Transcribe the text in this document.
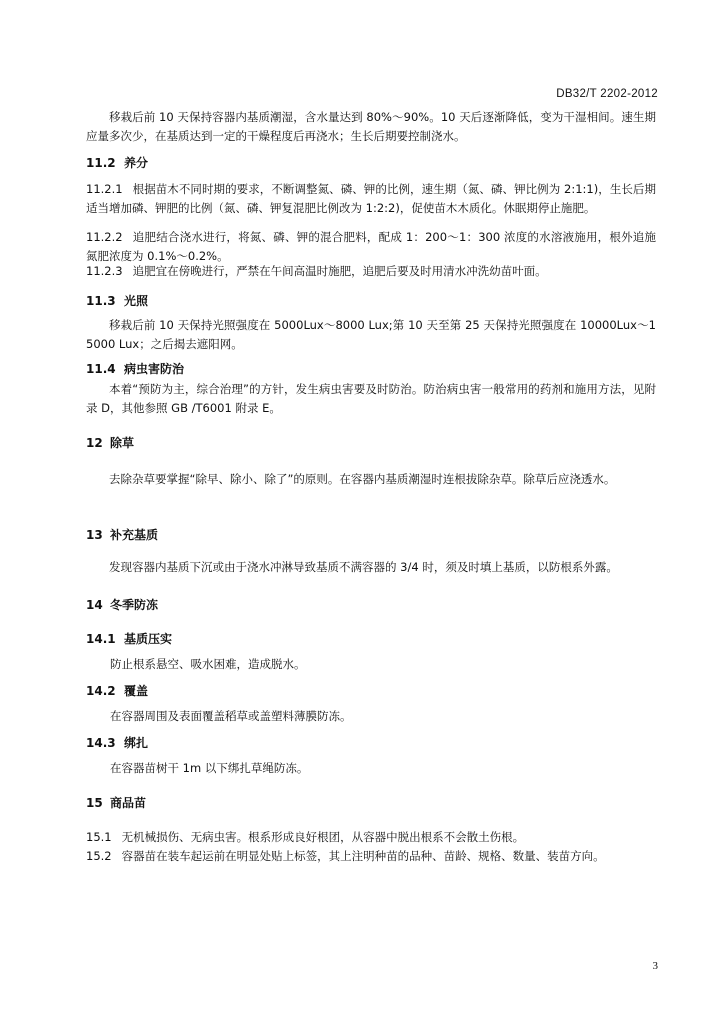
DB32/T 2202-2012
移栽后前 10 天保持容器内基质潮湿，含水量达到 80%～90%。10 天后逐渐降低，变为干湿相间。速生期应量多次少，在基质达到一定的干燥程度后再浇水；生长后期要控制浇水。
11.2 养分
11.2.1 根据苗木不同时期的要求，不断调整氮、磷、钾的比例，速生期（氮、磷、钾比例为 2:1:1)，生长后期适当增加磷、钾肥的比例（氮、磷、钾复混肥比例改为 1:2:2)，促使苗木木质化。休眠期停止施肥。
11.2.2 追肥结合浇水进行，将氮、磷、钾的混合肥料，配成 1：200～1：300 浓度的水溶液施用，根外追施氮肥浓度为 0.1%～0.2%。
11.2.3 追肥宜在傍晚进行，严禁在午间高温时施肥，追肥后要及时用清水冲洗幼苗叶面。
11.3 光照
移栽后前 10 天保持光照强度在 5000Lux～8000 Lux;第 10 天至第 25 天保持光照强度在 10000Lux～15000 Lux；之后揭去遮阳网。
11.4 病虫害防治
本着“预防为主，综合治理”的方针，发生病虫害要及时防治。防治病虫害一般常用的药剂和施用方法，见附录 D，其他参照 GB /T6001 附录 E。
12 除草
去除杂草要掌握“除早、除小、除了”的原则。在容器内基质潮湿时连根拔除杂草。除草后应浇透水。
13 补充基质
发现容器内基质下沉或由于浇水冲淋导致基质不满容器的 3/4 时，须及时填上基质，以防根系外露。
14 冬季防冻
14.1 基质压实
防止根系悬空、吸水困难，造成脱水。
14.2 覆盖
在容器周围及表面覆盖稻草或盖塑料薄膜防冻。
14.3 绑扎
在容器苗树干 1m 以下绑扎草绳防冻。
15 商品苗
15.1 无机械损伤、无病虫害。根系形成良好根团，从容器中脱出根系不会散土伤根。
15.2 容器苗在装车起运前在明显处贴上标签，其上注明种苗的品种、苗龄、规格、数量、装苗方向。
3
